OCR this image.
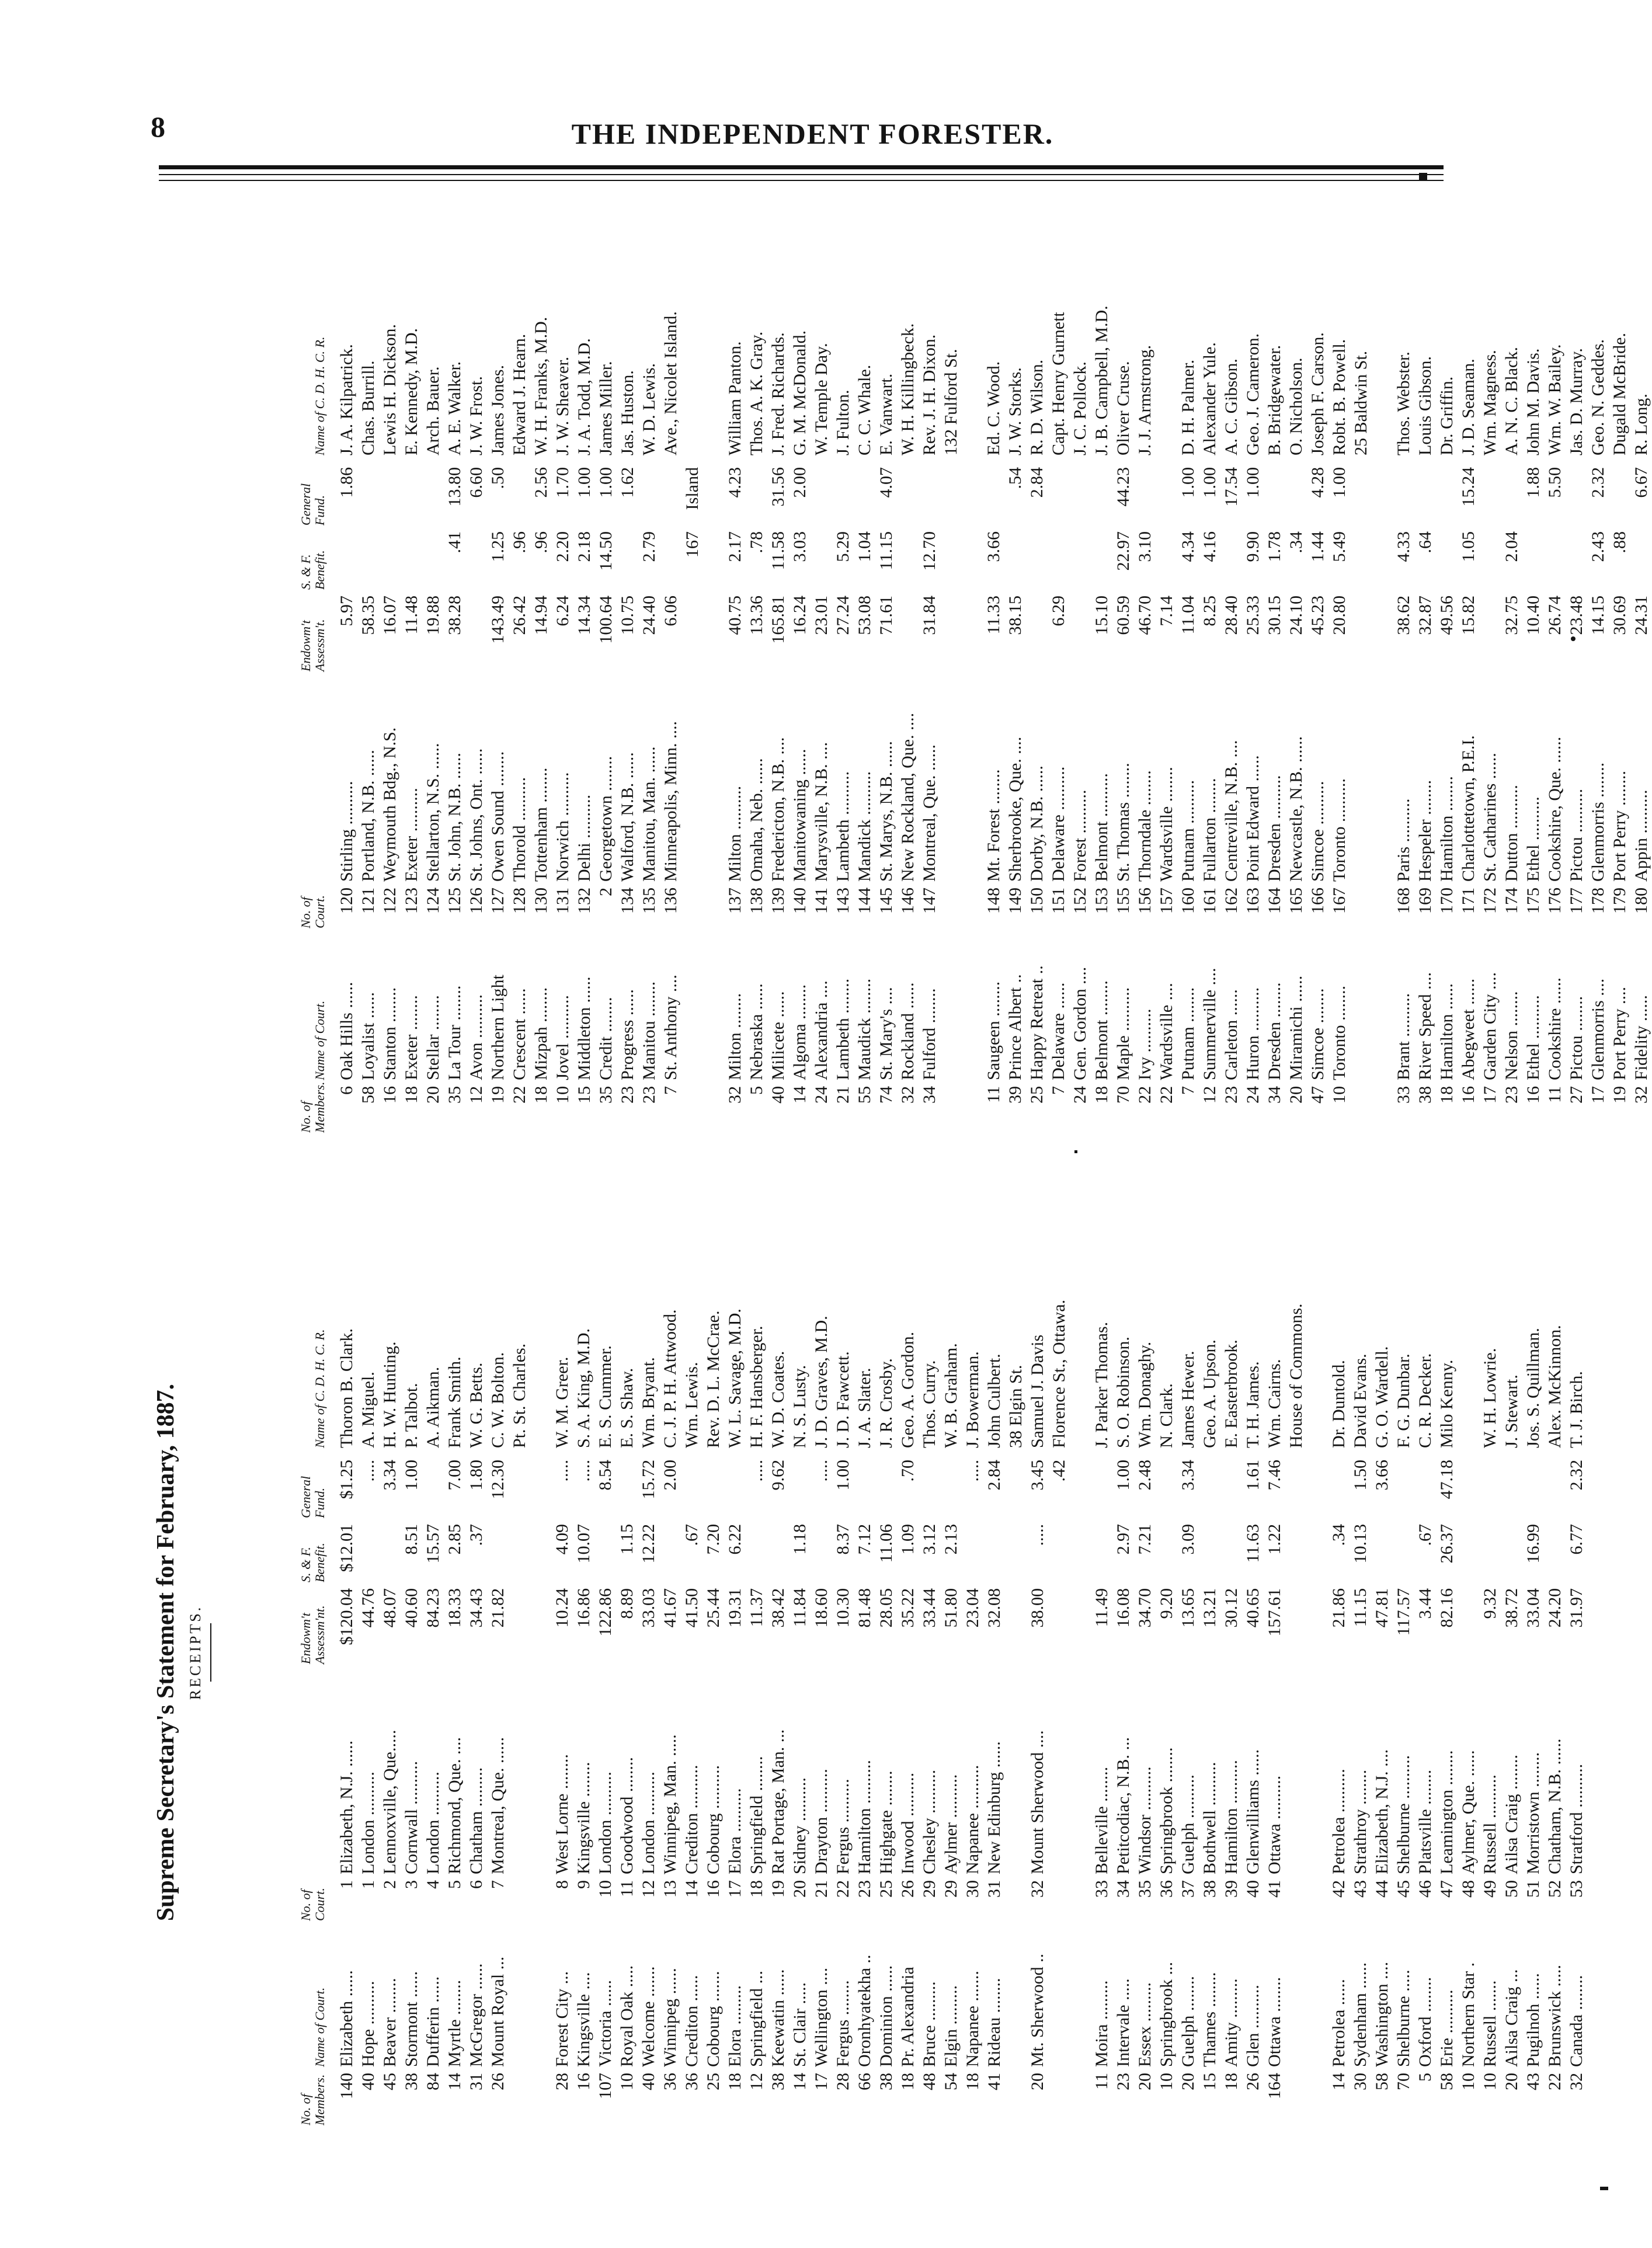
8	THE INDEPENDENT FORESTER.
Supreme Secretary's Statement for February, 1887. RECEIPTS.
No. of Members.
Name of Court.
No. of Court.
Endowm't Assessm'nt.
S. & F. Benefit.
General Fund.
Name of C. D. H. C. R.
140
Elizabeth ......
1
Elizabeth, N.J. ......
$120.04
$12.01
$1.25
Thoron B. Clark.
40
Hope ..........
1
London ..........
44.76
.....
A. Miguel.
45
Beaver ........
2
Lennoxville, Que.....
48.07
3.34
H. W. Hunting.
38
Stormont ......
3
Cornwall ..........
40.60
8.51
1.00
P. Talbot.
84
Dufferin ......
4
London ..........
84.23
15.57
A. Aikman.
14
Myrtle ........
5
Richmond, Que. ....
18.33
2.85
7.00
Frank Smith.
31
McGregor ......
6
Chatham .........
34.43
.37
1.80
W. G. Betts.
26
Mount Royal ...
7
Montreal, Que. ......
21.82
12.30
C. W. Bolton. Pt. St. Charles.
28
Forest City ...
8
West Lorne ........
10.24
4.09
.....
W. M. Greer.
16
Kingsville ....
9
Kingsville ........
16.86
10.07
.....
S. A. King, M.D.
107
Victoria ......
10
London ..........
122.86
8.54
E. S. Cummer.
10
Royal Oak .....
11
Goodwood ........
8.89
1.15
E. S. Shaw.
40
Welcome .......
12
London ..........
33.03
12.22
15.72
Wm. Bryant.
36
Winnipeg ......
13
Winnipeg, Man. .....
41.67
2.00
C. J. P. H. Attwood.
36
Crediton ......
14
Crediton ..........
41.50
.67
Wm. Lewis.
25
Cobourg .......
16
Cobourg ..........
25.44
7.20
Rev. D. L. McCrae.
18
Elora .........
17
Elora ..........
19.31
6.22
W. L. Savage, M.D.
12
Springfield ...
18
Springfield ........
11.37
.....
H. F. Hansberger.
38
Keewatin ......
19
Rat Portage, Man. ...
38.42
9.62
W. D. Coates.
14
St. Clair .....
20
Sidney ..........
11.84
1.18
N. S. Lusty.
17
Wellington ....
21
Drayton ..........
18.60
.....
J. D. Graves, M.D.
28
Fergus ........
22
Fergus ..........
10.30
8.37
1.00
J. D. Fawcett.
66
Oronhyatekha ..
23
Hamilton ..........
81.48
7.12
J. A. Slater.
38
Dominion ......
25
Highgate ........
28.05
11.06
J. R. Crosby.
18
Pr. Alexandria
26
Inwood ..........
35.22
1.09
.70
Geo. A. Gordon.
48
Bruce .........
29
Chesley ..........
33.44
3.12
Thos. Curry.
54
Elgin .........
29
Aylmer ..........
51.80
2.13
W. B. Graham.
18
Napanee .......
30
Napanee ..........
23.04
.....
J. Bowerman.
41
Rideau ........
31
New Edinburg ......
32.08
2.84
John Culbert. 38 Elgin St.
20
Mt. Sherwood ..
32
Mount Sherwood ....
38.00
.....
3.45
Samuel J. Davis
.42
Florence St., Ottawa.
11
Moira .........
33
Belleville ........
11.49
J. Parker Thomas.
23
Intervale .....
34
Petitcodiac, N.B. ...
16.08
2.97
1.00
S. O. Robinson.
20
Essex .........
35
Windsor ..........
34.70
7.21
2.48
Wm. Donaghy.
10
Springbrook ...
36
Springbrook ........
9.20
N. Clark.
20
Guelph ........
37
Guelph ..........
13.65
3.09
3.34
James Hewer.
15
Thames ........
38
Bothwell ..........
13.21
Geo. A. Upson.
18
Amity .........
39
Hamilton ..........
30.12
E. Easterbrook.
26
Glen ..........
40
Glenwilliams ......
40.65
11.63
1.61
T. H. James.
164
Ottawa ........
41
Ottawa ..........
157.61
1.22
7.46
Wm. Cairns. House of Commons.
14
Petrolea ......
42
Petrolea ..........
21.86
.34
Dr. Duntold.
30
Sydenham ......
43
Strathroy ........
11.15
10.13
1.50
David Evans.
58
Washington ....
44
Elizabeth, N.J. ....
47.81
3.66
G. O. Wardell.
70
Shelburne .....
45
Shelburne ..........
117.57
F. G. Dunbar.
5
Oxford ........
46
Platsville ........
3.44
.67
C. R. Decker.
58
Erie ..........
47
Leamington ........
82.16
26.37
47.18
Milo Kenny.
10
Northern Star .
48
Aylmer, Que. ......
10
Russell .......
49
Russell ..........
9.32
W. H. Lowrie.
20
Ailsa Craig ...
50
Ailsa Craig ........
38.72
J. Stewart.
43
Pugilnoh ......
51
Morristown ........
33.04
16.99
Jos. S. Quillman.
22
Brunswick .....
52
Chatham, N.B. ......
24.20
Alex. McKinnon.
32
Canada ........
53
Stratford ..........
31.97
6.77
2.32
T. J. Birch.
No. of Members.
Name of Court.
No. of Court.
Endowm't Assessm't.
S. & F. Benefit.
General Fund.
Name of C. D. H. C. R.
6
Oak Hills ......
120
Stirling ..........
5.97
1.86
J. A. Kilpatrick.
58
Loyalist ......
121
Portland, N.B. ......
58.35
Chas. Burrill.
16
Stanton ........
122
Weymouth Bdg., N.S.
16.07
Lewis H. Dickson.
18
Exeter ........
123
Exeter ..........
11.48
E. Kennedy, M.D.
20
Stellar ........
124
Stellarton, N.S. ......
19.88
Arch. Bauer.
35
La Tour ........
125
St. John, N.B. ......
38.28
.41
13.80
A. E. Walker.
12
Avon ..........
126
St. Johns, Ont. ......
6.60
J. W. Frost.
19
Northern Light
127
Owen Sound ........
143.49
1.25
.50
James Jones.
22
Crescent ......
128
Thorold ..........
26.42
.96
Edward J. Hearn.
18
Mizpah ........
130
Tottenham ........
14.94
.96
2.56
W. H. Franks, M.D.
10
Jovel ..........
131
Norwich ..........
6.24
2.20
1.70
J. W. Sheaver.
15
Middleton ......
132
Delhi ..........
14.34
2.18
1.00
J. A. Todd, M.D.
35
Credit ........
2
Georgetown ........
100.64
14.50
1.00
James Miller.
23
Progress ......
134
Walford, N.B. ......
10.75
1.62
Jas. Huston.
23
Manitou ........
135
Manitou, Man. ......
24.40
2.79
W. D. Lewis.
7
St. Anthony ....
136
Minneapolis, Minn. ....
6.06
Ave., Nicolet Island.
167
Island
32
Milton ........
137
Milton ..........
40.75
2.17
4.23
William Panton.
5
Nebraska ......
138
Omaha, Neb. ......
13.36
.78
Thos. A. K. Gray.
40
Milicete ......
139
Fredericton, N.B. ....
165.81
11.58
31.56
J. Fred. Richards.
14
Algoma ........
140
Manitowaning ......
16.24
3.03
2.00
G. M. McDonald.
24
Alexandria ....
141
Marysville, N.B. ....
23.01
W. Temple Day.
21
Lambeth ........
143
Lambeth ..........
27.24
5.29
J. Fulton.
55
Maudick ........
144
Mandick ..........
53.08
1.04
C. C. Whale.
74
St. Mary's ....
145
St. Marys, N.B. ......
71.61
11.15
4.07
E. Vanwart.
32
Rockland ......
146
New Rockland, Que. ....
W. H. Killingbeck.
34
Fulford ........
147
Montreal, Que. ......
31.84
12.70
Rev. J. H. Dixon. 132 Fulford St.
11
Saugeen ........
148
Mt. Forest ........
11.33
3.66
Ed. C. Wood.
39
Prince Albert ..
149
Sherbrooke, Que. ....
38.15
.54
J. W. Storks.
25
Happy Retreat ..
150
Dorby, N.B. ......
2.84
R. D. Wilson.
7
Delaware ......
151
Delaware ..........
6.29
Capt. Henry Gurnett
24
Gen. Gordon ....
152
Forest ..........
J. C. Pollock.
18
Belmont ........
153
Belmont ..........
15.10
J. B. Campbell, M.D.
70
Maple ..........
155
St. Thomas ........
60.59
22.97
44.23
Oliver Cruse.
22
Ivy ..........
156
Thorndale ........
46.70
3.10
J. J. Armstrong.
22
Wardsville ....
157
Wardsville ........
7.14
7
Putnam ........
160
Putnam ..........
11.04
4.34
1.00
D. H. Palmer.
12
Summerville ....
161
Fullarton ........
8.25
4.16
1.00
Alexander Yule.
23
Carleton ......
162
Centreville, N.B. ....
28.40
17.54
A. C. Gibson.
24
Huron ..........
163
Point Edward ......
25.33
9.90
1.00
Geo. J. Cameron.
34
Dresden ........
164
Dresden ..........
30.15
1.78
B. Bridgewater.
20
Miramichi ......
165
Newcastle, N.B. ......
24.10
.34
O. Nicholson.
47
Simcoe ........
166
Simcoe ..........
45.23
1.44
4.28
Joseph F. Carson.
10
Toronto ........
167
Toronto ..........
20.80
5.49
1.00
Robt. B. Powell. 25 Baldwin St.
33
Brant ..........
168
Paris ..........
38.62
4.33
Thos. Webster.
38
River Speed ....
169
Hespeler ........
32.87
.64
Louis Gibson.
18
Hamilton ......
170
Hamilton ........
49.56
Dr. Griffin.
16
Abegweet ......
171
Charlottetown, P.E.I.
15.82
1.05
15.24
J. D. Seaman.
17
Garden City ....
172
St. Catharines ......
Wm. Magness.
23
Nelson ........
174
Dutton ..........
32.75
2.04
A. N. C. Black.
16
Ethel ..........
175
Ethel ..........
10.40
1.88
John M. Davis.
11
Cookshire ......
176
Cookshire, Que. ......
26.74
5.50
Wm. W. Bailey.
27
Pictou ........
177
Pictou ..........
23.48
Jas. D. Murray.
17
Glenmorris ....
178
Glenmorris ........
14.15
2.43
2.32
Geo. N. Geddes.
19
Port Perry ....
179
Port Perry ........
30.69
.88
Dugald McBride.
32
Fidelity ......
180
Appin ..........
24.31
6.67
R. Long.
